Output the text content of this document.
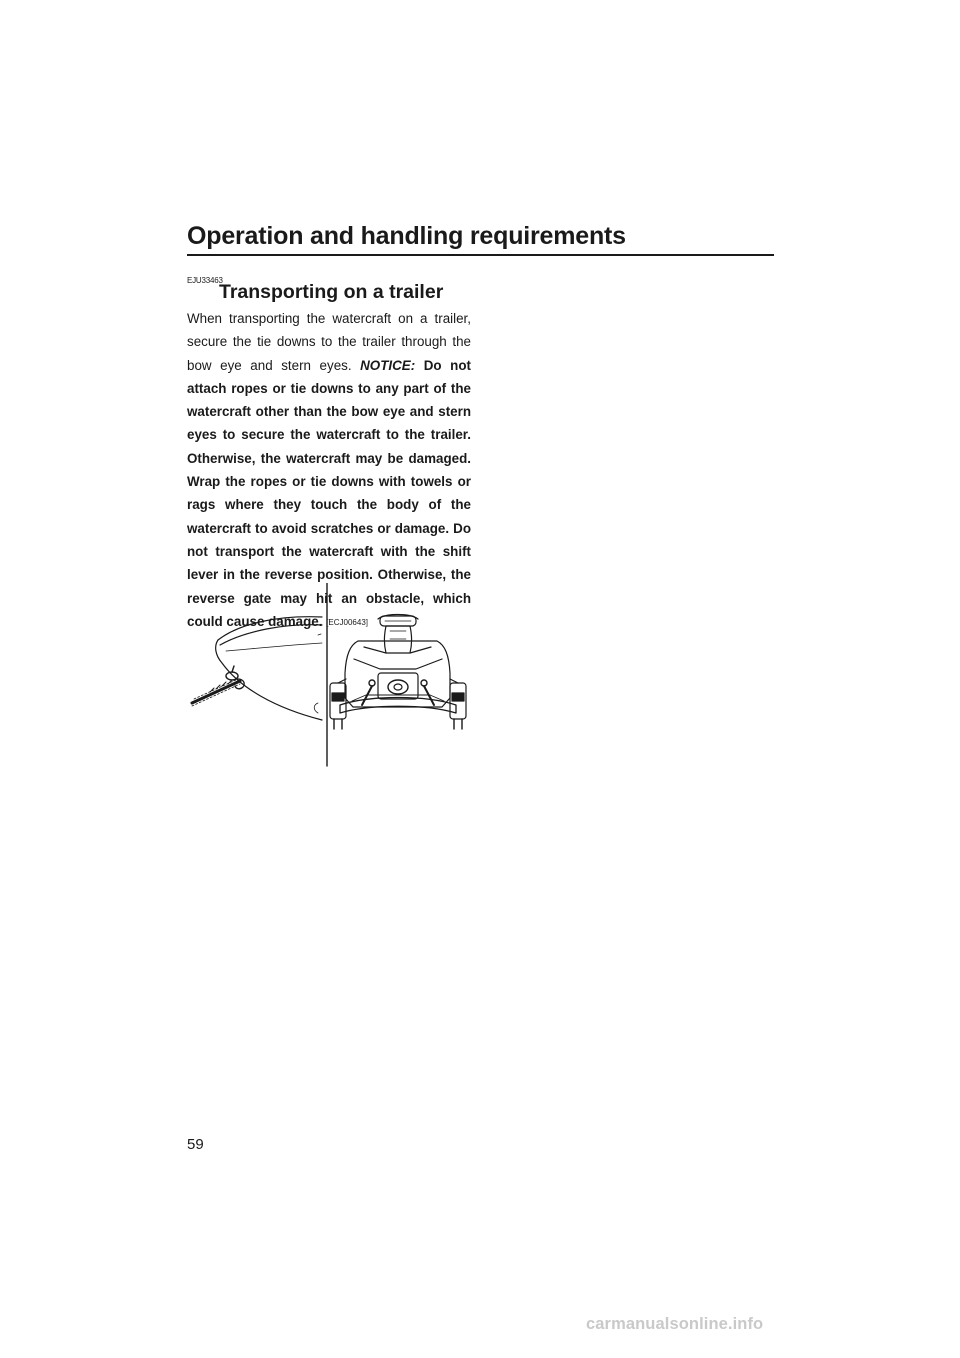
Operation and handling requirements
EJU33463
Transporting on a trailer
When transporting the watercraft on a trailer, secure the tie downs to the trailer through the bow eye and stern eyes. NOTICE: Do not attach ropes or tie downs to any part of the watercraft other than the bow eye and stern eyes to secure the watercraft to the trailer. Otherwise, the watercraft may be damaged. Wrap the ropes or tie downs with towels or rags where they touch the body of the watercraft to avoid scratches or damage. Do not transport the watercraft with the shift lever in the reverse position. Otherwise, the reverse gate may hit an obstacle, which could cause damage. [ECJ00643]
59
carmanualsonline.info
